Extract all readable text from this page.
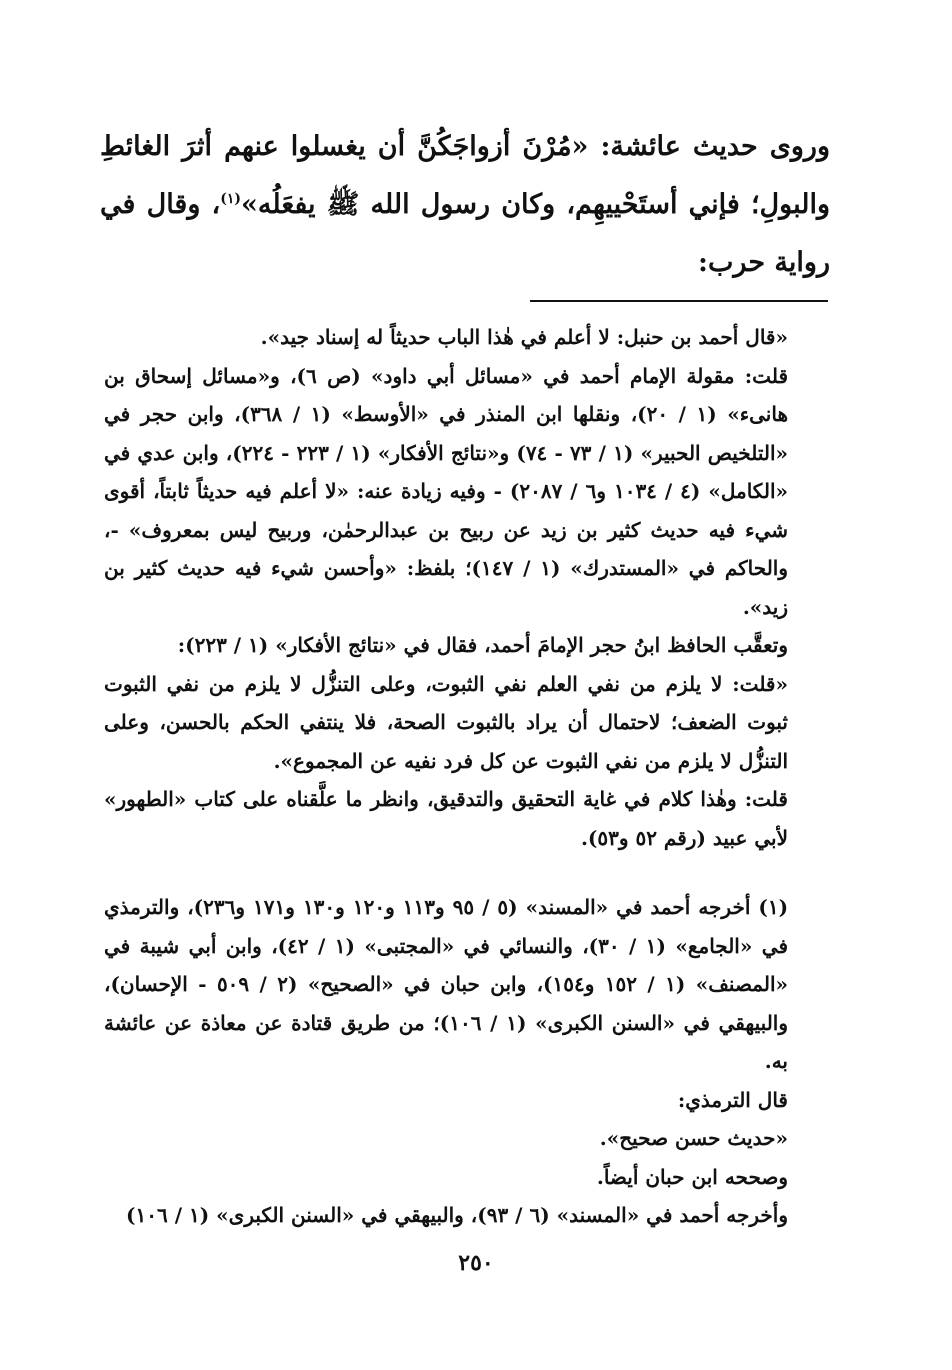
وروى حديث عائشة: «مُرْنَ أزواجَكُنَّ أن يغسلوا عنهم أثرَ الغائطِ والبولِ؛ فإني أستَحْييهِم، وكان رسول الله ﷺ يفعَلُه»$^{(١)}$، وقال في رواية حرب:

«قال أحمد بن حنبل: لا أعلم في هٰذا الباب حديثاً له إسناد جيد».

قلت: مقولة الإمام أحمد في «مسائل أبي داود» (ص ٦)، و«مسائل إسحاق بن هانىء» (١ / ٢٠)، ونقلها ابن المنذر في «الأوسط» (١ / ٣٦٨)، وابن حجر في «التلخيص الحبير» (١ / ٧٣ - ٧٤) و«نتائج الأفكار» (١ / ٢٢٣ - ٢٢٤)، وابن عدي في «الكامل» (٤ / ١٠٣٤ و٦ / ٢٠٨٧) - وفيه زيادة عنه: «لا أعلم فيه حديثاً ثابتاً، أقوى شيء فيه حديث كثير بن زيد عن ربيح بن عبدالرحمٰن، وربيح ليس بمعروف» -، والحاكم في «المستدرك» (١ / ١٤٧)؛ بلفظ: «وأحسن شيء فيه حديث كثير بن زيد».

وتعقَّب الحافظ ابنُ حجر الإمامَ أحمد، فقال في «نتائج الأفكار» (١ / ٢٢٣):

«قلت: لا يلزم من نفي العلم نفي الثبوت، وعلى التنزُّل لا يلزم من نفي الثبوت ثبوت الضعف؛ لاحتمال أن يراد بالثبوت الصحة، فلا ينتفي الحكم بالحسن، وعلى التنزُّل لا يلزم من نفي الثبوت عن كل فرد نفيه عن المجموع».

قلت: وهٰذا كلام في غاية التحقيق والتدقيق، وانظر ما علَّقناه على كتاب «الطهور» لأبي عبيد (رقم ٥٢ و٥٣).

(١) أخرجه أحمد في «المسند» (٥ / ٩٥ و١١٣ و١٢٠ و١٣٠ و١٧١ و٢٣٦)، والترمذي في «الجامع» (١ / ٣٠)، والنسائي في «المجتبى» (١ / ٤٢)، وابن أبي شيبة في «المصنف» (١ / ١٥٢ و١٥٤)، وابن حبان في «الصحيح» (٢ / ٥٠٩ - الإحسان)، والبيهقي في «السنن الكبرى» (١ / ١٠٦)؛ من طريق قتادة عن معاذة عن عائشة به.

قال الترمذي:

«حديث حسن صحيح».

وصححه ابن حبان أيضاً.

وأخرجه أحمد في «المسند» (٦ / ٩٣)، والبيهقي في «السنن الكبرى» (١ / ١٠٦)

٢٥٠
